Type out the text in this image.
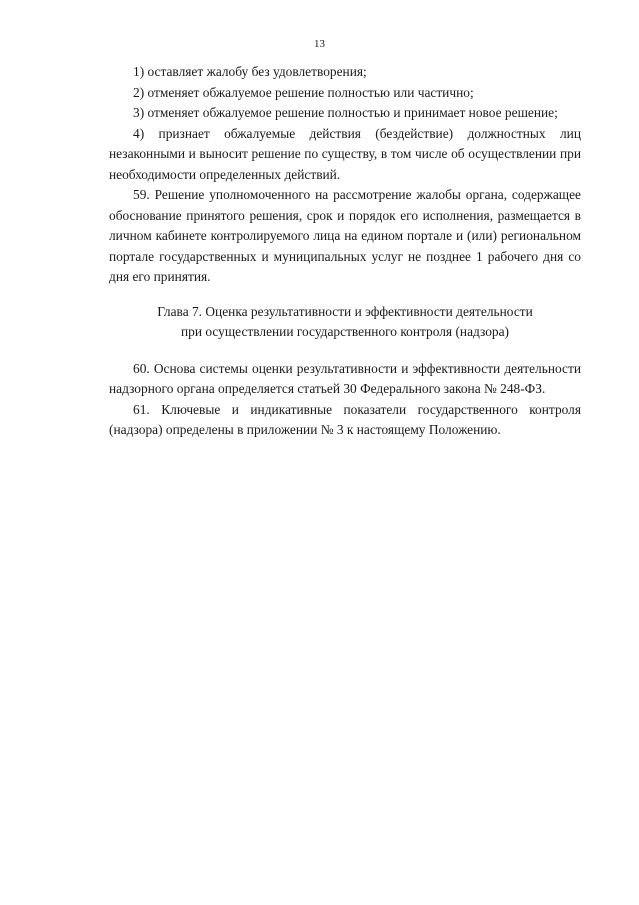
13

1) оставляет жалобу без удовлетворения;

2) отменяет обжалуемое решение полностью или частично;

3) отменяет обжалуемое решение полностью и принимает новое решение;

4) признает обжалуемые действия (бездействие) должностных лиц незаконными и выносит решение по существу, в том числе об осуществлении при необходимости определенных действий.

59. Решение уполномоченного на рассмотрение жалобы органа, содержащее обоснование принятого решения, срок и порядок его исполнения, размещается в личном кабинете контролируемого лица на едином портале и (или) региональном портале государственных и муниципальных услуг не позднее 1 рабочего дня со дня его принятия.

Глава 7. Оценка результативности и эффективности деятельности
при осуществлении государственного контроля (надзора)

60. Основа системы оценки результативности и эффективности деятельности надзорного органа определяется статьей 30 Федерального закона № 248-ФЗ.

61. Ключевые и индикативные показатели государственного контроля (надзора) определены в приложении № 3 к настоящему Положению.
